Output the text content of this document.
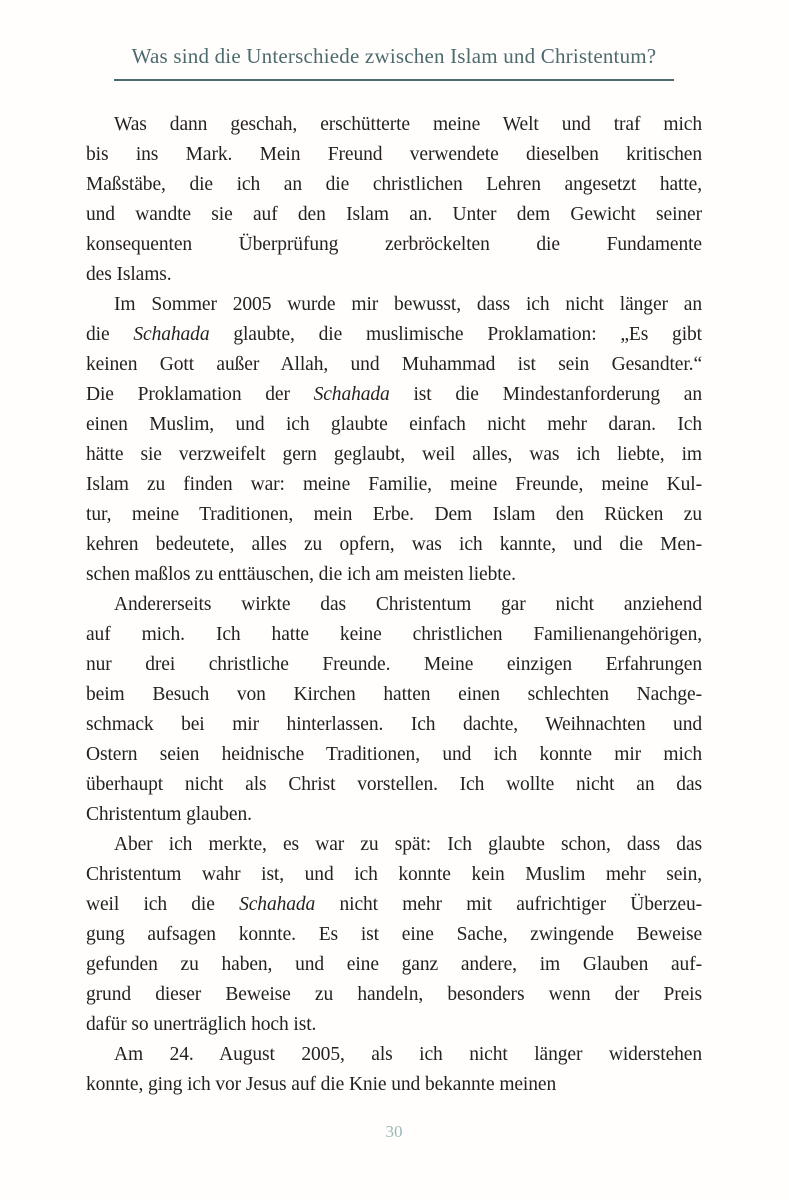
Was sind die Unterschiede zwischen Islam und Christentum?
Was dann geschah, erschütterte meine Welt und traf mich
bis ins Mark. Mein Freund verwendete dieselben kritischen
Maßstäbe, die ich an die christlichen Lehren angesetzt hatte,
und wandte sie auf den Islam an. Unter dem Gewicht seiner
konsequenten Überprüfung zerbröckelten die Fundamente
des Islams.
Im Sommer 2005 wurde mir bewusst, dass ich nicht länger an
die Schahada glaubte, die muslimische Proklamation: „Es gibt
keinen Gott außer Allah, und Muhammad ist sein Gesandter.“
Die Proklamation der Schahada ist die Mindestanforderung an
einen Muslim, und ich glaubte einfach nicht mehr daran. Ich
hätte sie verzweifelt gern geglaubt, weil alles, was ich liebte, im
Islam zu finden war: meine Familie, meine Freunde, meine Kul-
tur, meine Traditionen, mein Erbe. Dem Islam den Rücken zu
kehren bedeutete, alles zu opfern, was ich kannte, und die Men-
schen maßlos zu enttäuschen, die ich am meisten liebte.
Andererseits wirkte das Christentum gar nicht anziehend
auf mich. Ich hatte keine christlichen Familienangehörigen,
nur drei christliche Freunde. Meine einzigen Erfahrungen
beim Besuch von Kirchen hatten einen schlechten Nachge-
schmack bei mir hinterlassen. Ich dachte, Weihnachten und
Ostern seien heidnische Traditionen, und ich konnte mir mich
überhaupt nicht als Christ vorstellen. Ich wollte nicht an das
Christentum glauben.
Aber ich merkte, es war zu spät: Ich glaubte schon, dass das
Christentum wahr ist, und ich konnte kein Muslim mehr sein,
weil ich die Schahada nicht mehr mit aufrichtiger Überzeu-
gung aufsagen konnte. Es ist eine Sache, zwingende Beweise
gefunden zu haben, und eine ganz andere, im Glauben auf-
grund dieser Beweise zu handeln, besonders wenn der Preis
dafür so unerträglich hoch ist.
Am 24. August 2005, als ich nicht länger widerstehen
konnte, ging ich vor Jesus auf die Knie und bekannte meinen
30
